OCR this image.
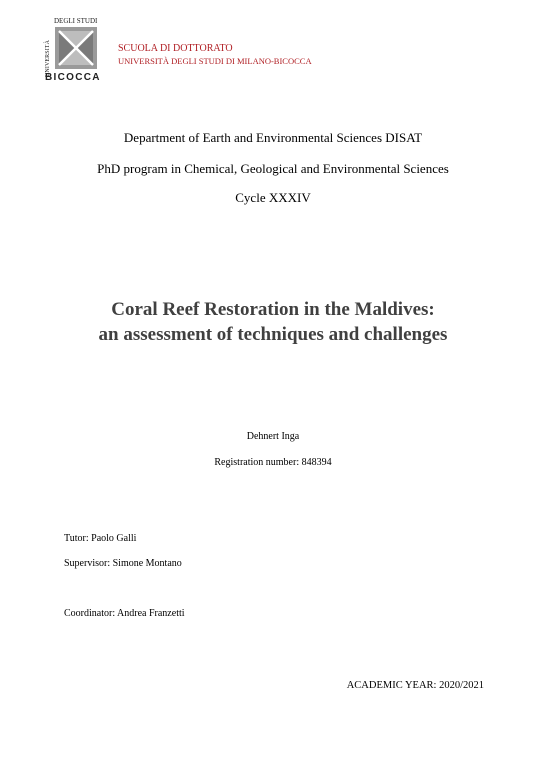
UNIVERSITÀ
DEGLI STUDI
BICOCCA
SCUOLA DI DOTTORATO
UNIVERSITÀ DEGLI STUDI DI MILANO-BICOCCA
Department of Earth and Environmental Sciences DISAT
PhD program in Chemical, Geological and Environmental Sciences
Cycle XXXIV
Coral Reef Restoration in the Maldives:
an assessment of techniques and challenges
Dehnert Inga
Registration number: 848394
Tutor: Paolo Galli
Supervisor: Simone Montano
Coordinator: Andrea Franzetti
ACADEMIC YEAR: 2020/2021
